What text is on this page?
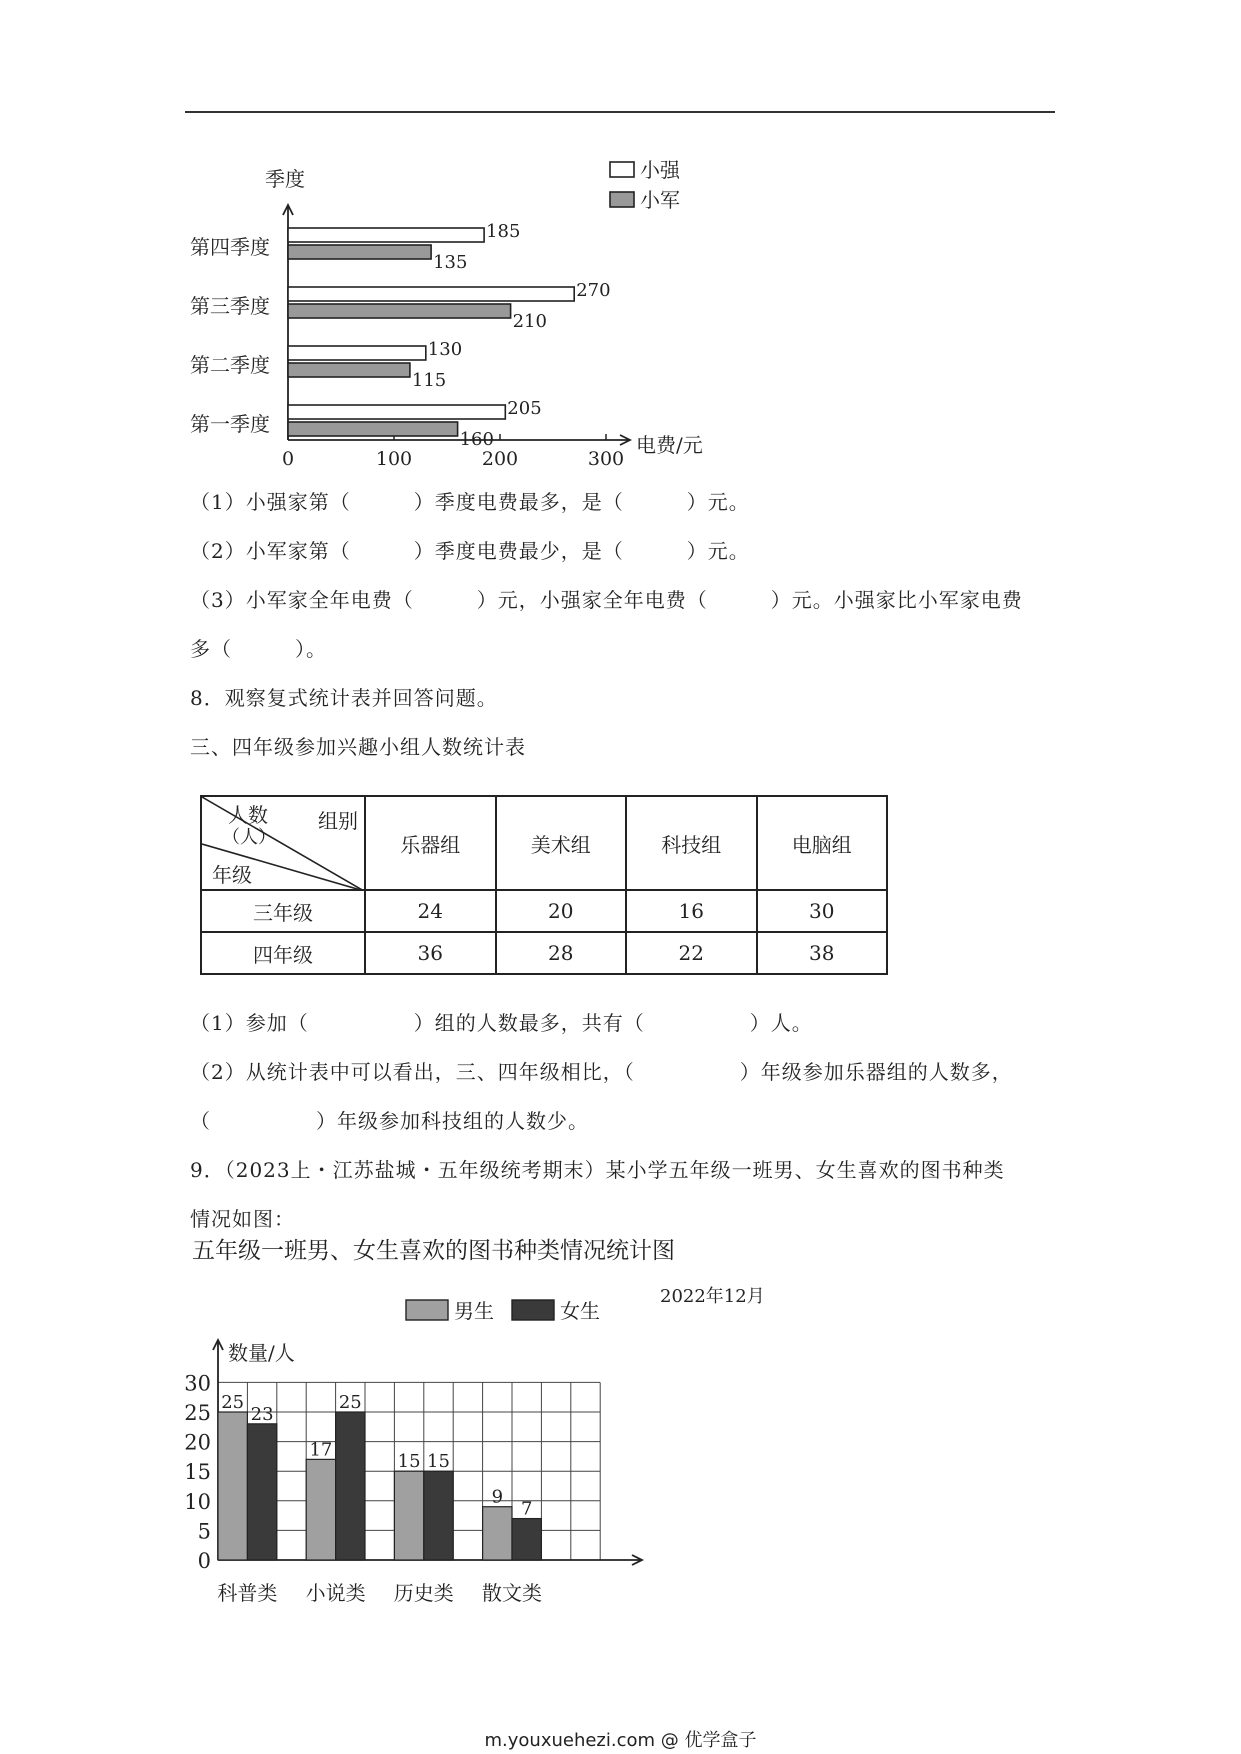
季度
电费/元
0	100	200	300
第一季度
205
160
第二季度
130
115
第三季度
270
210
第四季度
185
135
小强
小军
（1）小强家第（　　　）季度电费最多，是（　　　）元。
（2）小军家第（　　　）季度电费最少，是（　　　）元。
（3）小军家全年电费（　　　）元，小强家全年电费（　　　）元。小强家比小军家电费
多（　　　）。
8．观察复式统计表并回答问题。
三、四年级参加兴趣小组人数统计表
人数
（人）
组别
年级	乐器组	美术组	科技组	电脑组
三年级	24	20	16	30
四年级	36	28	22	38
（1）参加（　　　　　）组的人数最多，共有（　　　　　）人。
（2）从统计表中可以看出，三、四年级相比，（　　　　　）年级参加乐器组的人数多，
（　　　　　）年级参加科技组的人数少。
9．（2023上・江苏盐城・五年级统考期末）某小学五年级一班男、女生喜欢的图书种类
情况如图：
五年级一班男、女生喜欢的图书种类情况统计图
2022年12月
男生	女生
数量/人
0
5
10
15
20
25
30
科普类
25
23
小说类
17
25
历史类
15 15
散文类
9
7
m.youxuehezi.com @ 优学盒子
